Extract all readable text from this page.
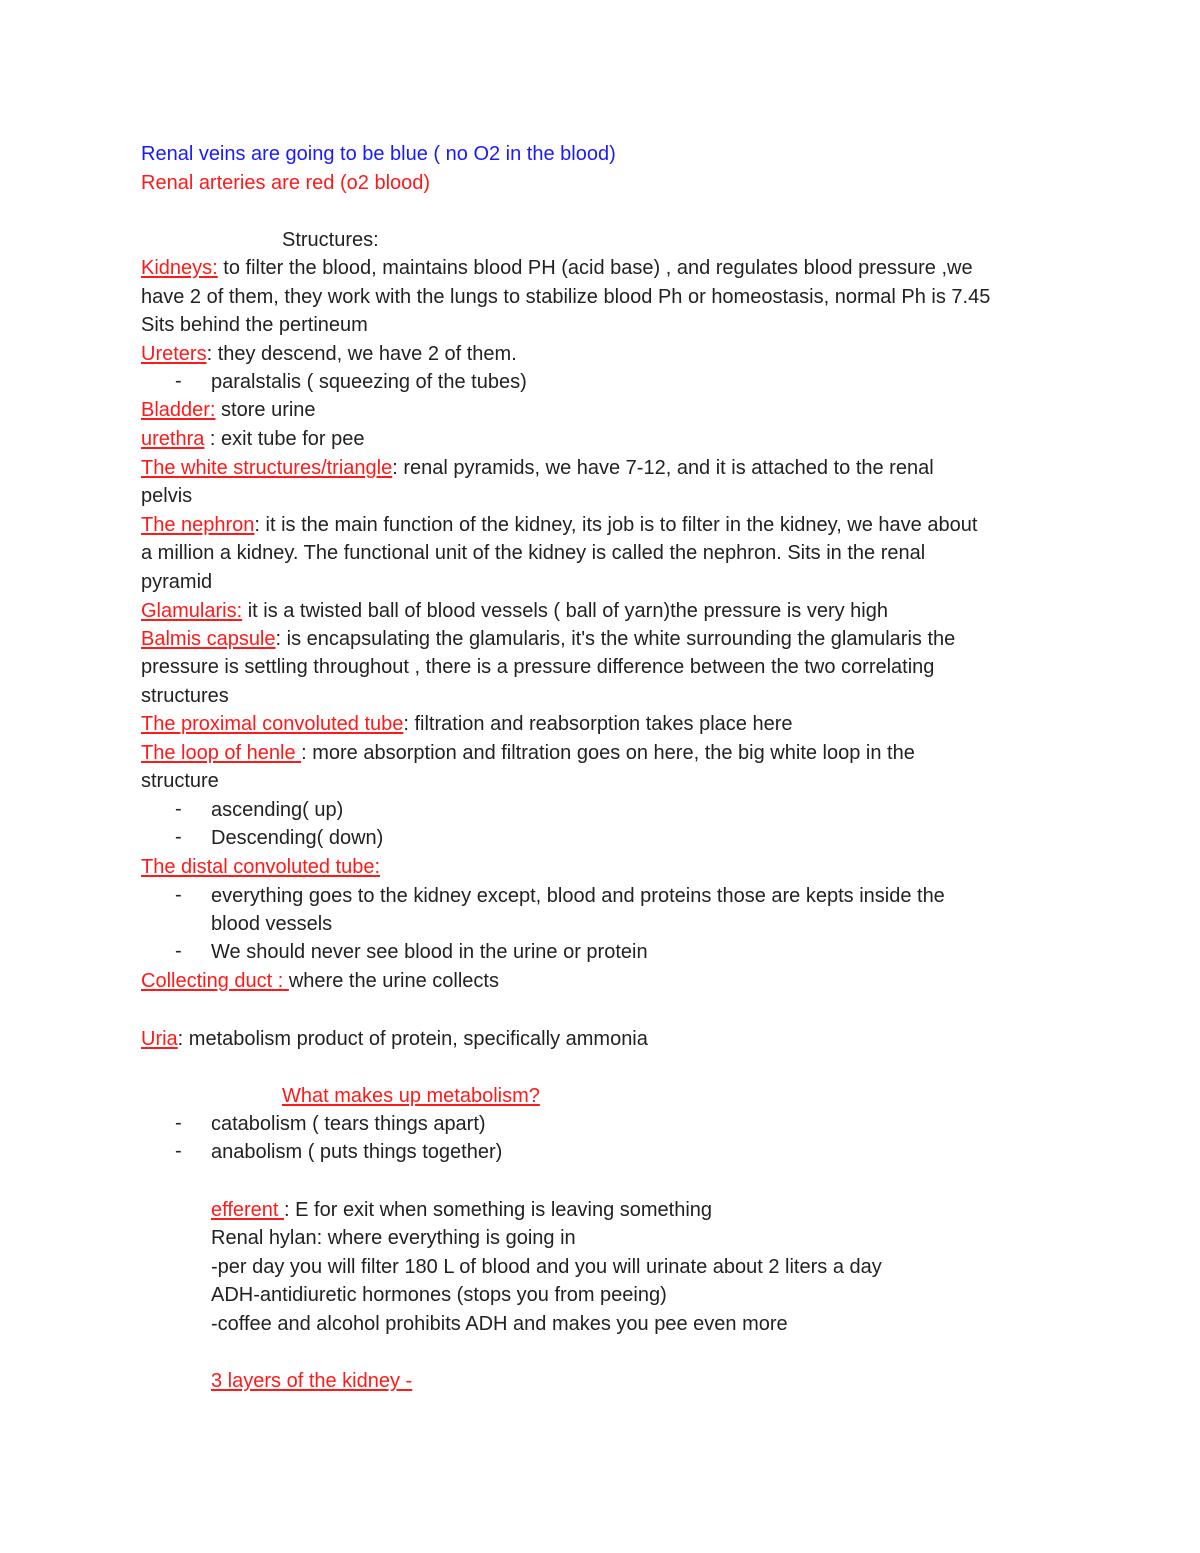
Renal veins are going to be blue ( no O2 in the blood)
Renal arteries are red (o2 blood)
Structures:
Kidneys: to filter the blood, maintains blood PH (acid base) , and regulates blood pressure ,we
have 2 of them, they work with the lungs to stabilize blood Ph or homeostasis, normal Ph is 7.45
Sits behind the pertineum
Ureters: they descend, we have 2 of them.
- paralstalis ( squeezing of the tubes)
Bladder: store urine
urethra : exit tube for pee
The white structures/triangle: renal pyramids, we have 7-12, and it is attached to the renal
pelvis
The nephron: it is the main function of the kidney, its job is to filter in the kidney, we have about
a million a kidney. The functional unit of the kidney is called the nephron. Sits in the renal
pyramid
Glamularis: it is a twisted ball of blood vessels ( ball of yarn)the pressure is very high
Balmis capsule: is encapsulating the glamularis, it's the white surrounding the glamularis the
pressure is settling throughout , there is a pressure difference between the two correlating
structures
The proximal convoluted tube: filtration and reabsorption takes place here
The loop of henle : more absorption and filtration goes on here, the big white loop in the
structure
- ascending( up)
- Descending( down)
The distal convoluted tube:
- everything goes to the kidney except, blood and proteins those are kepts inside the
blood vessels
- We should never see blood in the urine or protein
Collecting duct : where the urine collects
Uria: metabolism product of protein, specifically ammonia
What makes up metabolism?
- catabolism ( tears things apart)
- anabolism ( puts things together)
efferent : E for exit when something is leaving something
Renal hylan: where everything is going in
-per day you will filter 180 L of blood and you will urinate about 2 liters a day
ADH-antidiuretic hormones (stops you from peeing)
-coffee and alcohol prohibits ADH and makes you pee even more
3 layers of the kidney -
